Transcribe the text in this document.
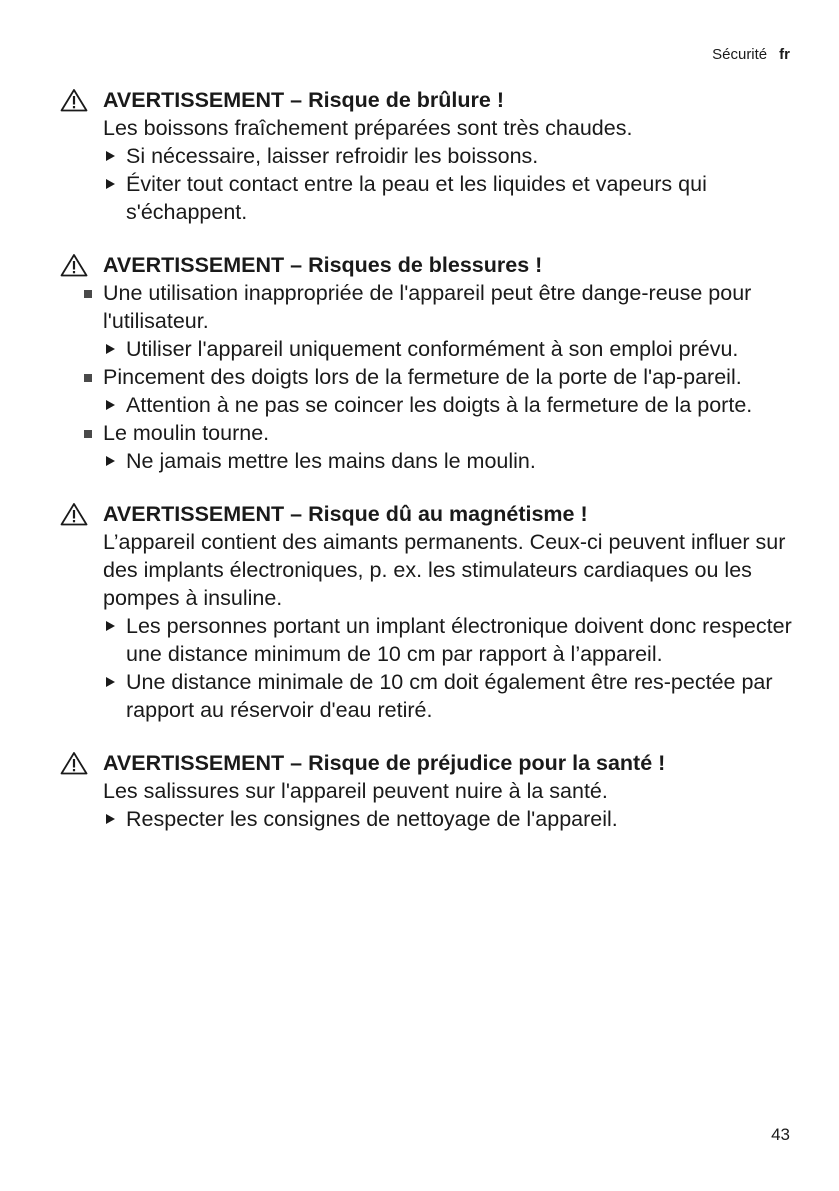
Sécurité fr
AVERTISSEMENT – Risque de brûlure !
Les boissons fraîchement préparées sont très chaudes.
Si nécessaire, laisser refroidir les boissons.
Éviter tout contact entre la peau et les liquides et vapeurs qui s'échappent.
AVERTISSEMENT – Risques de blessures !
Une utilisation inappropriée de l'appareil peut être dange-reuse pour l'utilisateur.
Utiliser l'appareil uniquement conformément à son emploi prévu.
Pincement des doigts lors de la fermeture de la porte de l'ap-pareil.
Attention à ne pas se coincer les doigts à la fermeture de la porte.
Le moulin tourne.
Ne jamais mettre les mains dans le moulin.
AVERTISSEMENT – Risque dû au magnétisme !
L’appareil contient des aimants permanents. Ceux-ci peuvent influer sur des implants électroniques, p. ex. les stimulateurs cardiaques ou les pompes à insuline.
Les personnes portant un implant électronique doivent donc respecter une distance minimum de 10 cm par rapport à l’appareil.
Une distance minimale de 10 cm doit également être res-pectée par rapport au réservoir d'eau retiré.
AVERTISSEMENT – Risque de préjudice pour la santé !
Les salissures sur l'appareil peuvent nuire à la santé.
Respecter les consignes de nettoyage de l'appareil.
43
